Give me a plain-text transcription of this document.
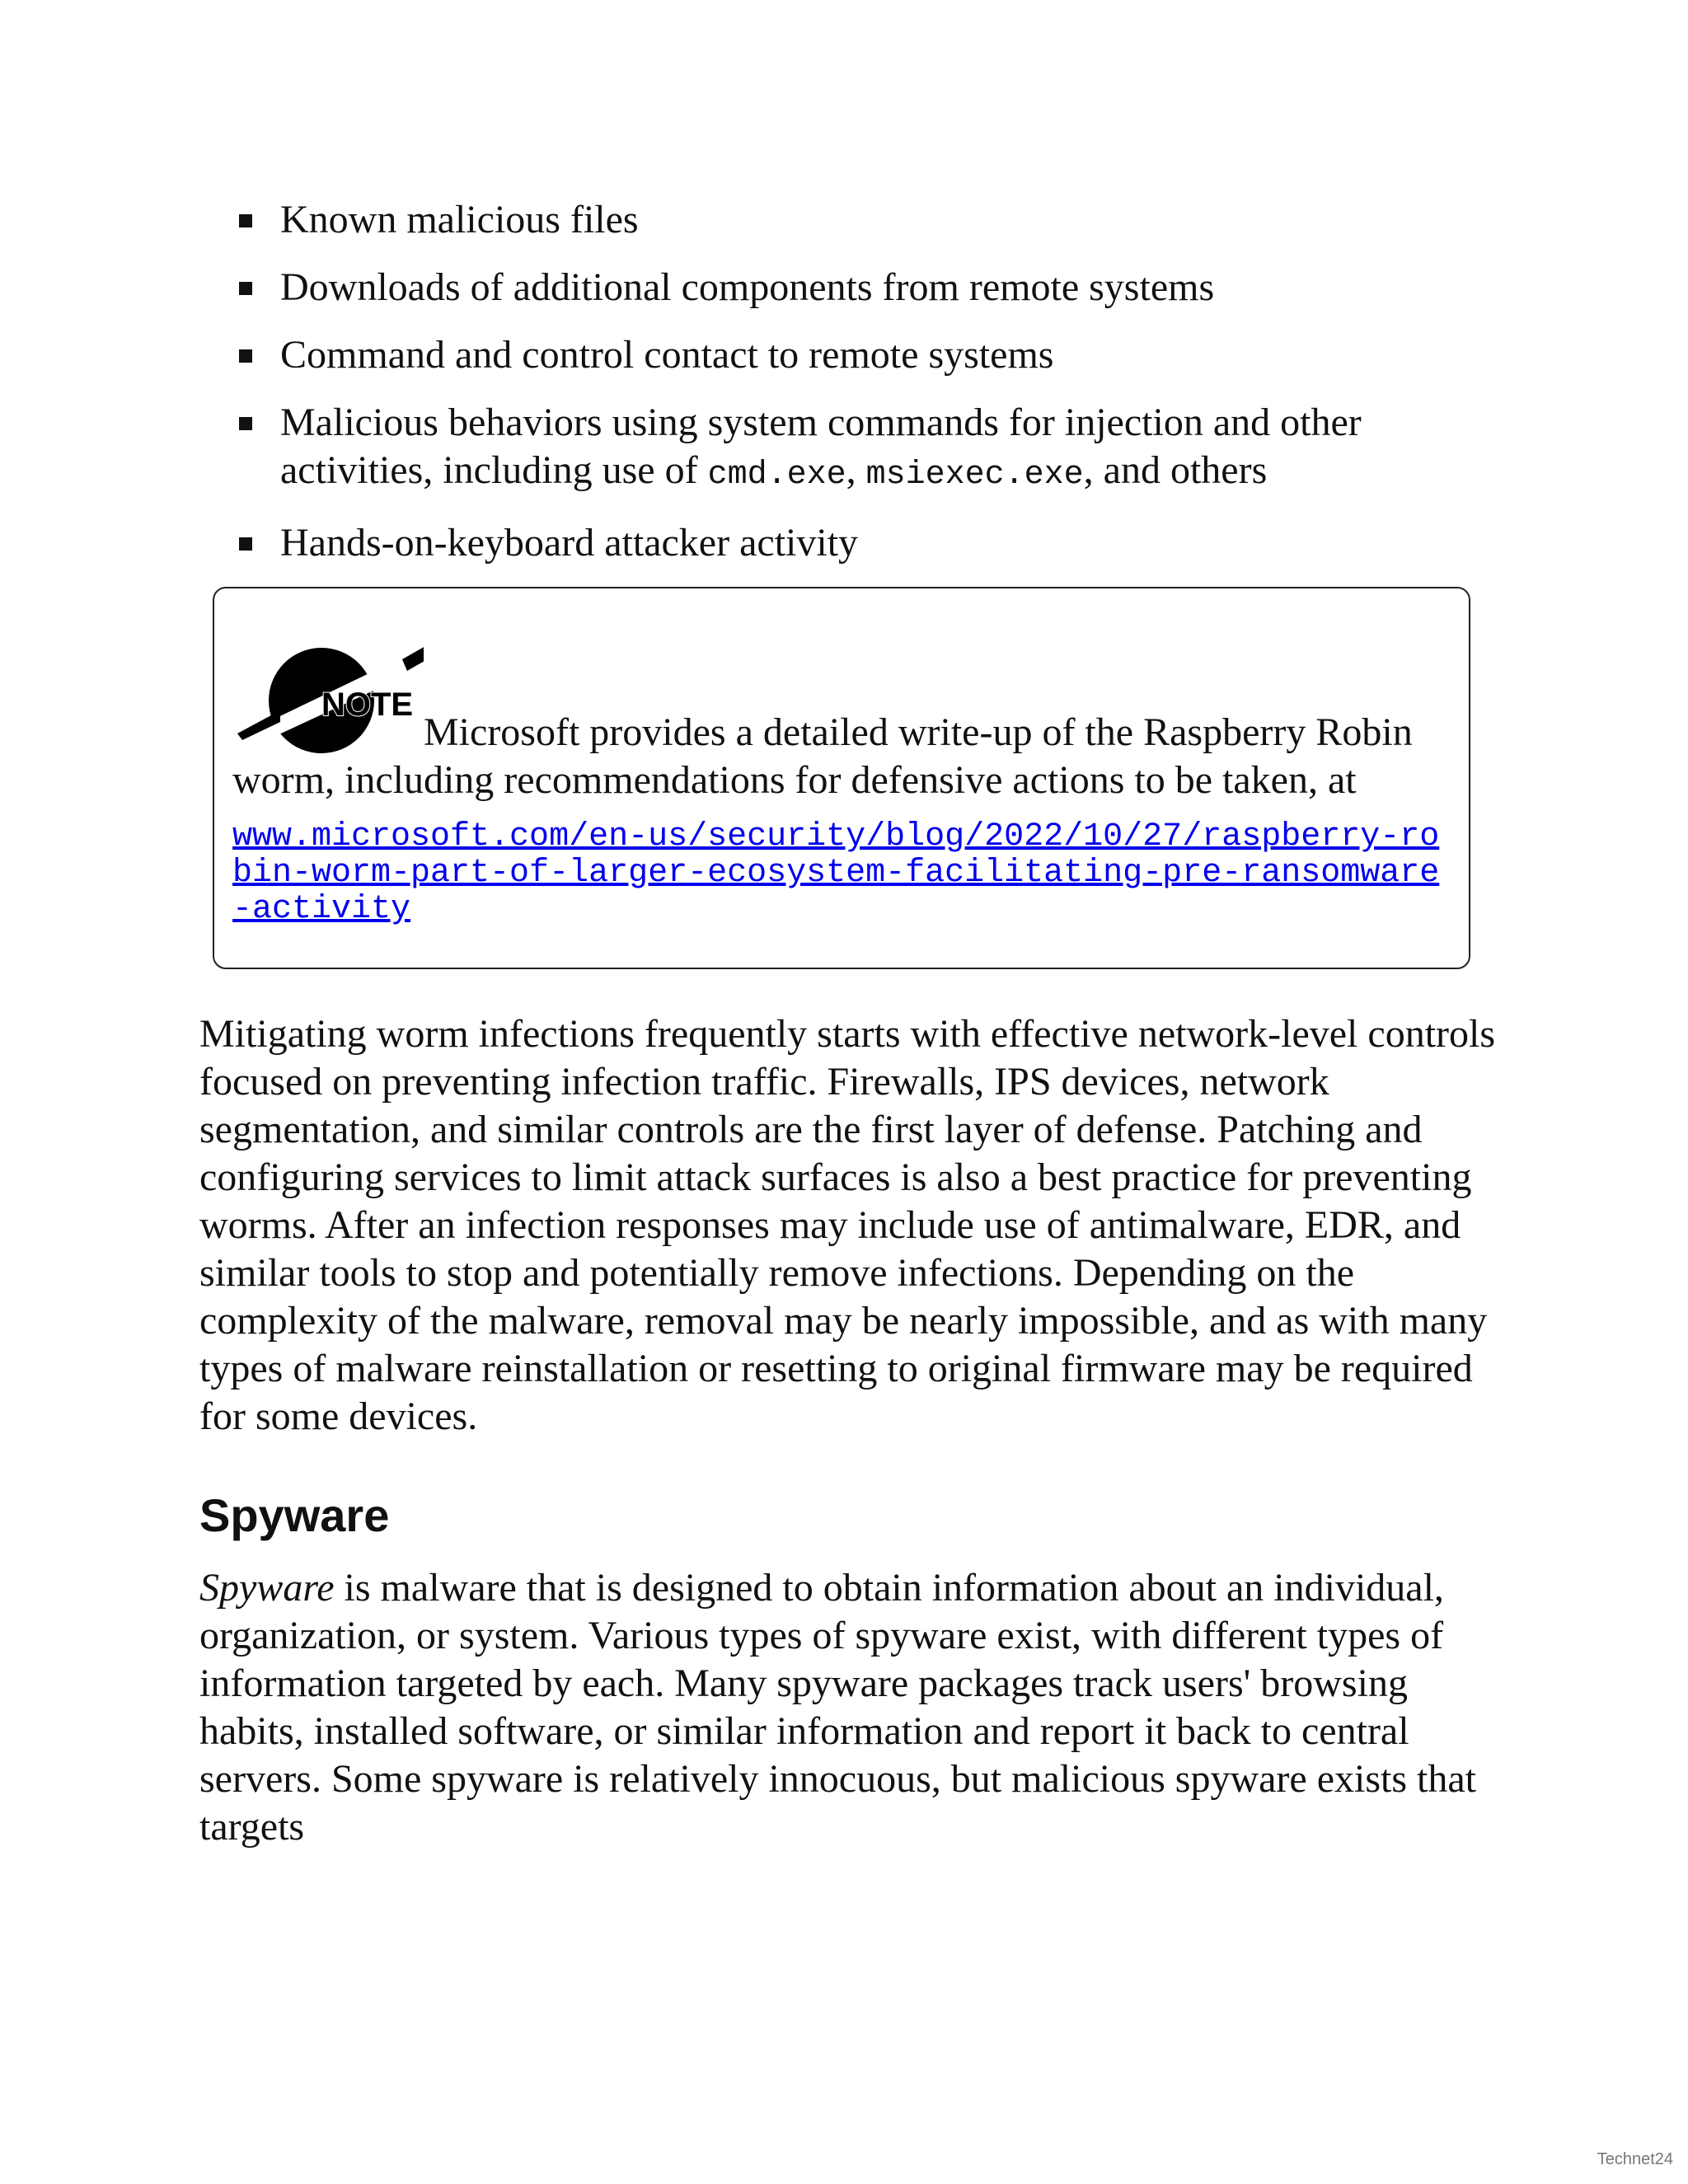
Known malicious files
Downloads of additional components from remote systems
Command and control contact to remote systems
Malicious behaviors using system commands for injection and other activities, including use of cmd.exe, msiexec.exe, and others
Hands-on-keyboard attacker activity
NOTE
Microsoft provides a detailed write-up of the Raspberry Robin worm, including recommendations for defensive actions to be taken, at
www.microsoft.com/en-us/security/blog/2022/10/27/raspberry-robin-worm-part-of-larger-ecosystem-facilitating-pre-ransomware-activity

Mitigating worm infections frequently starts with effective network-level controls focused on preventing infection traffic. Firewalls, IPS devices, network segmentation, and similar controls are the first layer of defense. Patching and configuring services to limit attack surfaces is also a best practice for preventing worms. After an infection responses may include use of antimalware, EDR, and similar tools to stop and potentially remove infections. Depending on the complexity of the malware, removal may be nearly impossible, and as with many types of malware reinstallation or resetting to original firmware may be required for some devices.

Spyware

Spyware is malware that is designed to obtain information about an individual, organization, or system. Various types of spyware exist, with different types of information targeted by each. Many spyware packages track users' browsing habits, installed software, or similar information and report it back to central servers. Some spyware is relatively innocuous, but malicious spyware exists that targets

Technet24
